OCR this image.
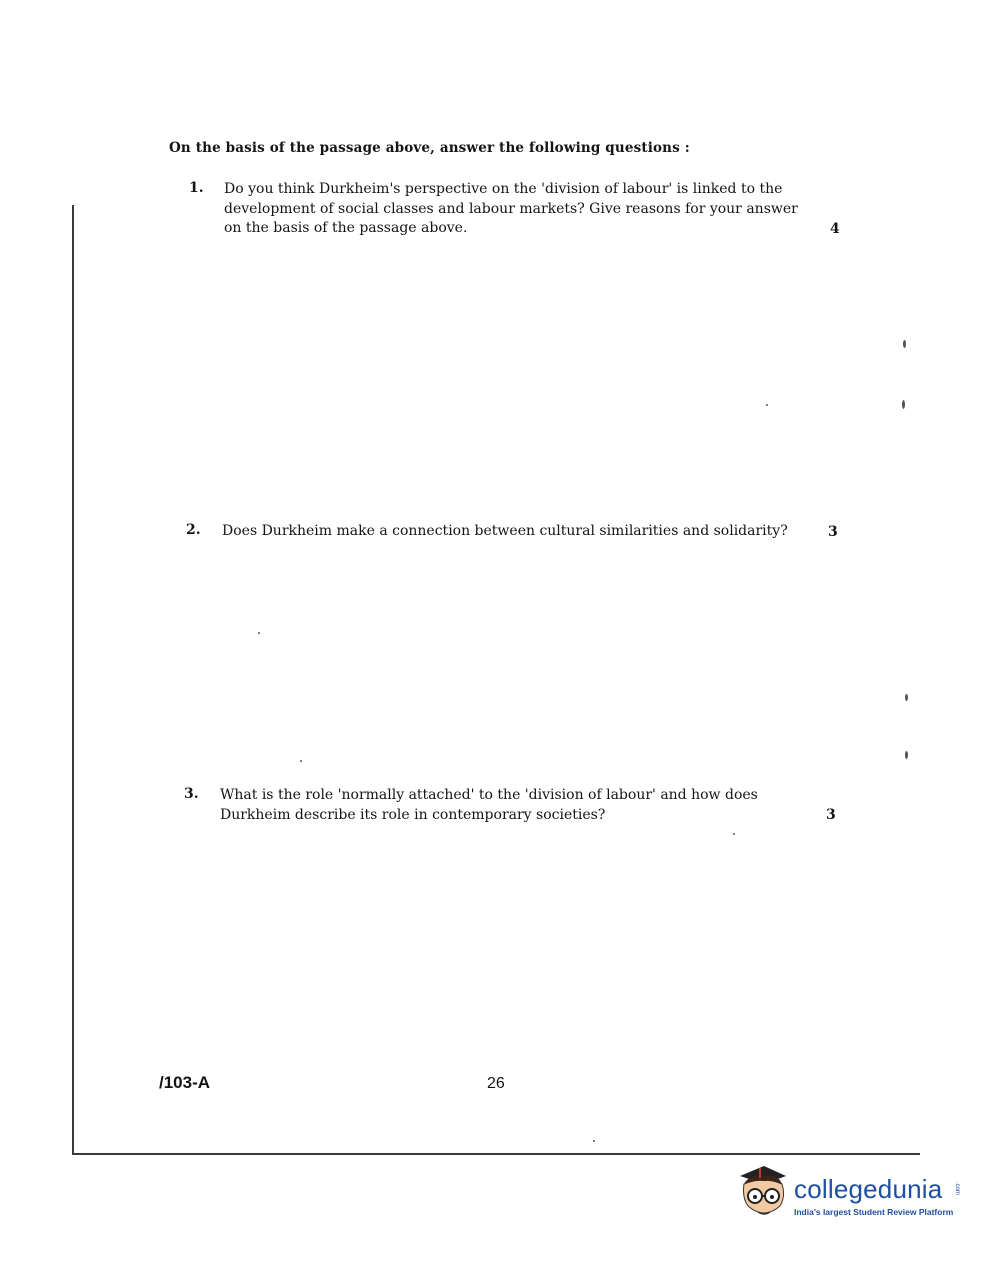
On the basis of the passage above, answer the following questions :
1. Do you think Durkheim's perspective on the 'division of labour' is linked to the
development of social classes and labour markets? Give reasons for your answer
on the basis of the passage above.	4
2. Does Durkheim make a connection between cultural similarities and solidarity?	3
3. What is the role 'normally attached' to the 'division of labour' and how does
Durkheim describe its role in contemporary societies?	3
/103-A	26
collegedunia .com
India's largest Student Review Platform
